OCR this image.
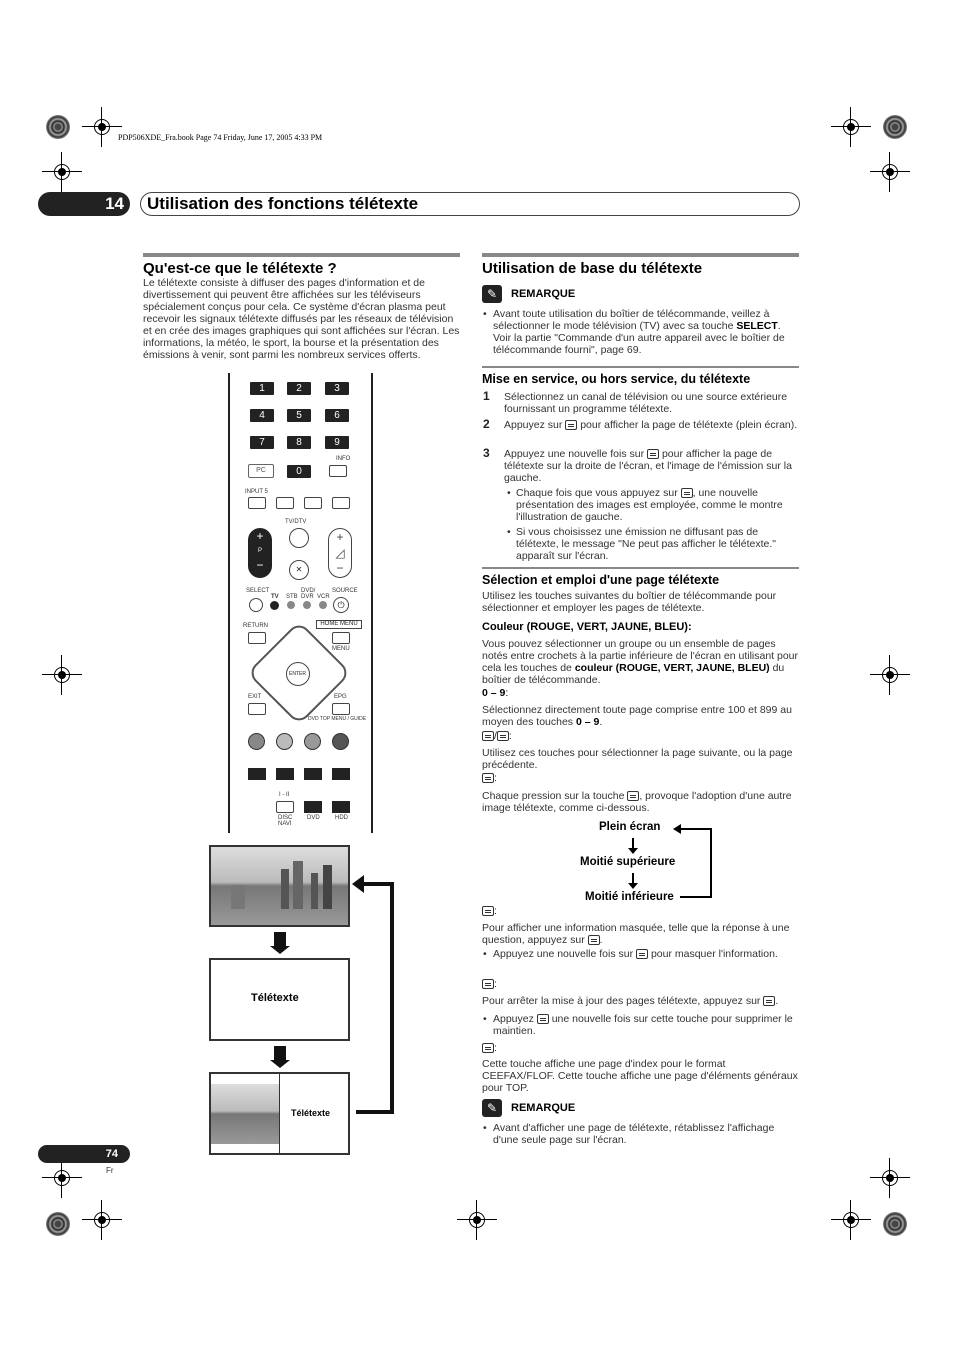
PDP506XDE_Fra.book Page 74 Friday, June 17, 2005 4:33 PM
14 Utilisation des fonctions télétexte
Qu'est-ce que le télétexte ?
Le télétexte consiste à diffuser des pages d'information et de divertissement qui peuvent être affichées sur les téléviseurs spécialement conçus pour cela. Ce système d'écran plasma peut recevoir les signaux télétexte diffusés par les réseaux de télévision et en crée des images graphiques qui sont affichées sur l'écran. Les informations, la météo, le sport, la bourse et la présentation des émissions à venir, sont parmi les nombreux services offerts.
1	2	3
4	5	6
7	8	9
PC	0
INFO
INPUT 5
TV/DTV
+
P
−	✕
+
◿
−
SELECT
TV STB
DVD/ DVR VCR
SOURCE
⏻
RETURN	HOME MENU
MENU
ENTER
EXIT	EPG
DVD TOP MENU / GUIDE
I - II
DISC NAVI
DVD	HDD
Télétexte
Télétexte
Utilisation de base du télétexte
✎	REMARQUE
• Avant toute utilisation du boîtier de télécommande, veillez à sélectionner le mode télévision (TV) avec sa touche SELECT. Voir la partie "Commande d'un autre appareil avec le boîtier de télécommande fourni", page 69.
Mise en service, ou hors service, du télétexte
1 Sélectionnez un canal de télévision ou une source extérieure fournissant un programme télétexte.
2 Appuyez sur pour afficher la page de télétexte (plein écran).
3 Appuyez une nouvelle fois sur pour afficher la page de télétexte sur la droite de l'écran, et l'image de l'émission sur la gauche.
• Chaque fois que vous appuyez sur , une nouvelle présentation des images est employée, comme le montre l'illustration de gauche.
• Si vous choisissez une émission ne diffusant pas de télétexte, le message "Ne peut pas afficher le télétexte." apparaît sur l'écran.
Sélection et emploi d'une page télétexte
Utilisez les touches suivantes du boîtier de télécommande pour sélectionner et employer les pages de télétexte.
Couleur (ROUGE, VERT, JAUNE, BLEU):
Vous pouvez sélectionner un groupe ou un ensemble de pages notés entre crochets à la partie inférieure de l'écran en utilisant pour cela les touches de couleur (ROUGE, VERT, JAUNE, BLEU) du boîtier de télécommande.
0 – 9:
Sélectionnez directement toute page comprise entre 100 et 899 au moyen des touches 0 – 9.
/ :
Utilisez ces touches pour sélectionner la page suivante, ou la page précédente.
:
Chaque pression sur la touche , provoque l'adoption d'une autre image télétexte, comme ci-dessous.
Plein écran
Moitié supérieure
Moitié inférieure
:
Pour afficher une information masquée, telle que la réponse à une question, appuyez sur .
• Appuyez une nouvelle fois sur pour masquer l'information.
:
Pour arrêter la mise à jour des pages télétexte, appuyez sur .
• Appuyez une nouvelle fois sur cette touche pour supprimer le maintien.
:
Cette touche affiche une page d'index pour le format CEEFAX/FLOF. Cette touche affiche une page d'éléments généraux pour TOP.
✎	REMARQUE
• Avant d'afficher une page de télétexte, rétablissez l'affichage d'une seule page sur l'écran.
74
Fr
